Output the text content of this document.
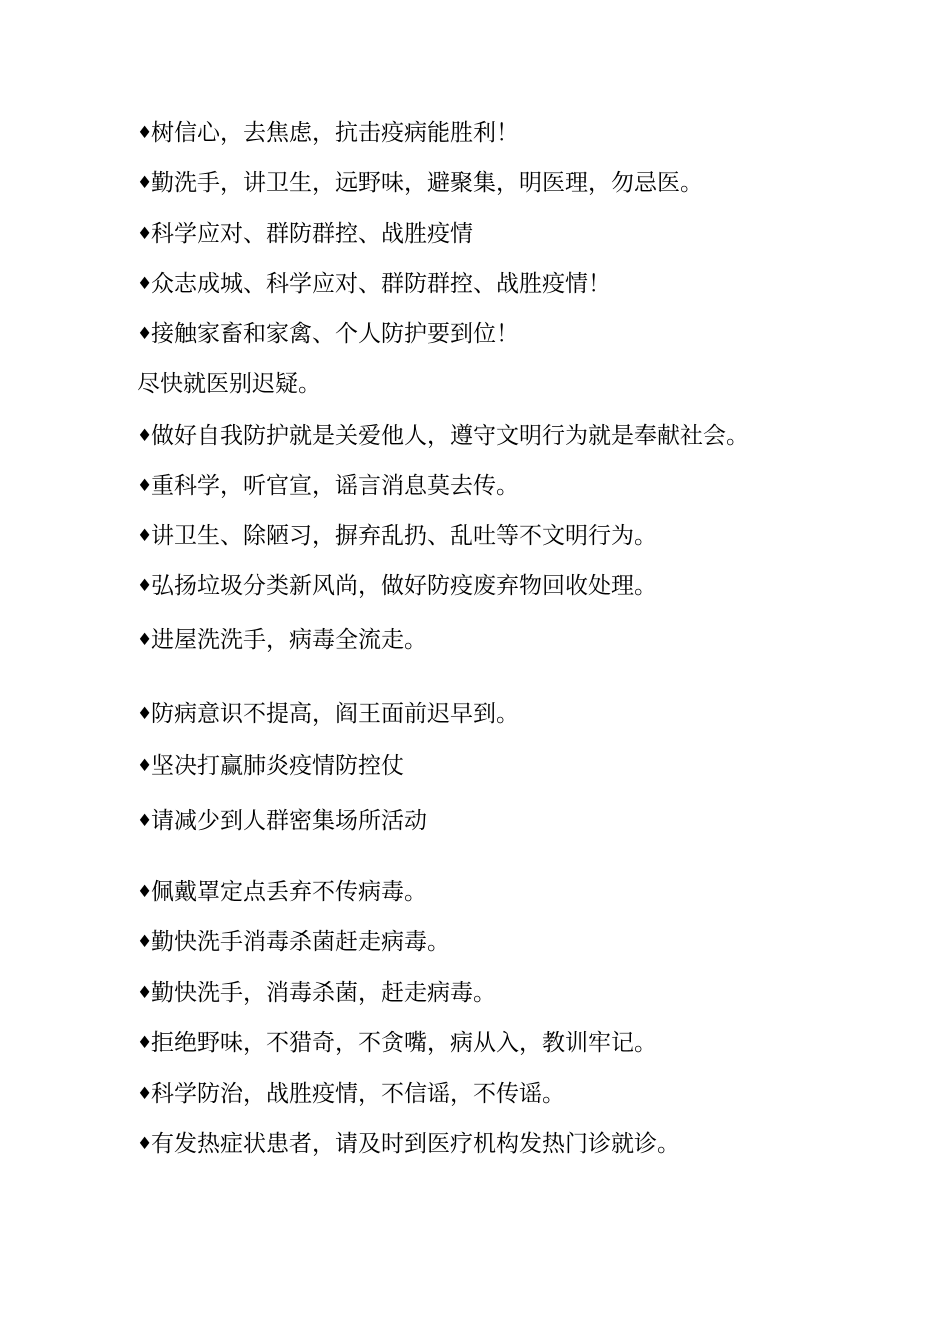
♦树信心，去焦虑，抗击疫病能胜利！
♦勤洗手，讲卫生，远野味，避聚集，明医理，勿忌医。
♦科学应对、群防群控、战胜疫情
♦众志成城、科学应对、群防群控、战胜疫情！
♦接触家畜和家禽、个人防护要到位！
尽快就医别迟疑。
♦做好自我防护就是关爱他人，遵守文明行为就是奉献社会。
♦重科学，听官宣，谣言消息莫去传。
♦讲卫生、除陋习，摒弃乱扔、乱吐等不文明行为。
♦弘扬垃圾分类新风尚，做好防疫废弃物回收处理。
♦进屋洗洗手，病毒全流走。
♦防病意识不提高，阎王面前迟早到。
♦坚决打赢肺炎疫情防控仗
♦请减少到人群密集场所活动
♦佩戴罩定点丢弃不传病毒。
♦勤快洗手消毒杀菌赶走病毒。
♦勤快洗手，消毒杀菌，赶走病毒。
♦拒绝野味，不猎奇，不贪嘴，病从入，教训牢记。
♦科学防治，战胜疫情，不信谣，不传谣。
♦有发热症状患者，请及时到医疗机构发热门诊就诊。
